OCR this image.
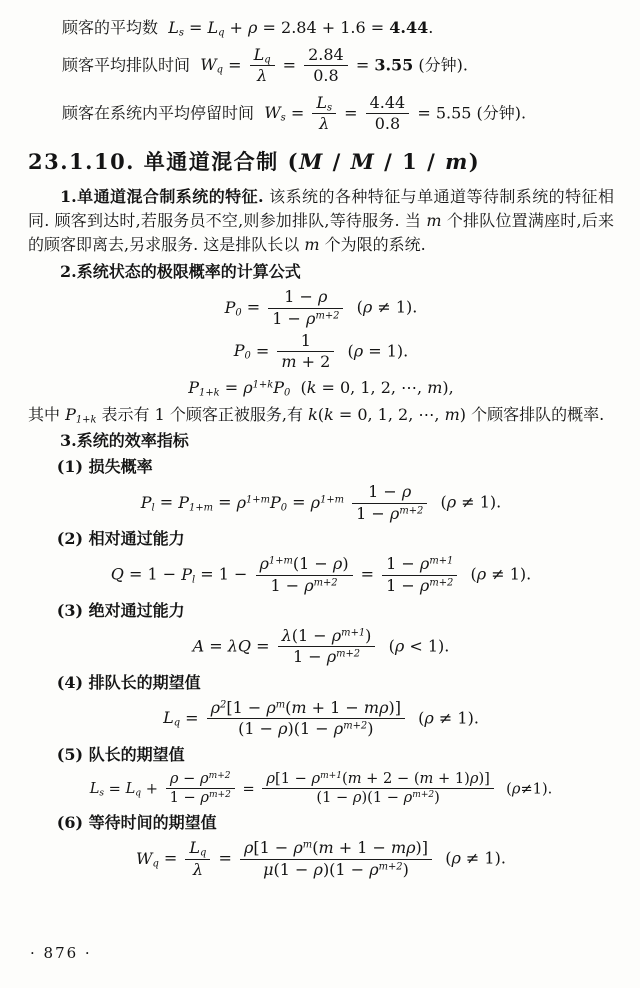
顾客的平均数  $L_s = L_q + \rho = 2.84 + 1.6 = 4.44$.
顾客平均排队时间  $W_q = \frac{L_q}{\lambda} = \frac{2.84}{0.8} = 3.55$ (分钟).
顾客在系统内平均停留时间  $W_s = \frac{L_s}{\lambda} = \frac{4.44}{0.8} = 5.55$ (分钟).
23.1.10. 单通道混合制 (M / M / 1 / m)

1.单通道混合制系统的特征. 该系统的各种特征与单通道等待制系统的特征相同. 顾客到达时,若服务员不空,则参加排队,等待服务. 当 m 个排队位置满座时,后来的顾客即离去,另求服务. 这是排队长以 m 个为限的系统.

2.系统状态的极限概率的计算公式

$P_0 = \frac{1 - \rho}{1 - \rho^{m+2}} (\rho \ne 1)$.
$P_0 = \frac{1}{m + 2} (\rho = 1)$.
$P_{1+k} = \rho^{1+k}P_0$  (k = 0, 1, 2, ⋯, m),

其中 $P_{1+k}$ 表示有 1 个顾客正被服务,有 k(k = 0, 1, 2, ⋯, m) 个顾客排队的概率.

3.系统的效率指标

(1) 损失概率
$P_l = P_{1+m} = \rho^{1+m}P_0 = \rho^{1+m} \frac{1 - \rho}{1 - \rho^{m+2}} (\rho \ne 1)$.
(2) 相对通过能力
$Q = 1 - P_l = 1 - \frac{\rho^{1+m}(1 - \rho)}{1 - \rho^{m+2}} = \frac{1 - \rho^{m+1}}{1 - \rho^{m+2}} (\rho \ne 1)$.
(3) 绝对通过能力
$A = \lambda Q = \frac{\lambda(1 - \rho^{m+1})}{1 - \rho^{m+2}} (\rho < 1)$.
(4) 排队长的期望值
$L_q = \frac{\rho^2[1 - \rho^m(m + 1 - m\rho)]}{(1 - \rho)(1 - \rho^{m+2})} (\rho \ne 1)$.
(5) 队长的期望值
$L_s = L_q + \frac{\rho - \rho^{m+2}}{1 - \rho^{m+2}} = \frac{\rho[1 - \rho^{m+1}(m + 2 - (m + 1)\rho)]}{(1 - \rho)(1 - \rho^{m+2})} (\rho\ne 1)$.
(6) 等待时间的期望值
$W_q = \frac{L_q}{\lambda} = \frac{\rho[1 - \rho^m(m + 1 - m\rho)]}{\mu(1 - \rho)(1 - \rho^{m+2})} (\rho \ne 1)$.
· 876 ·
